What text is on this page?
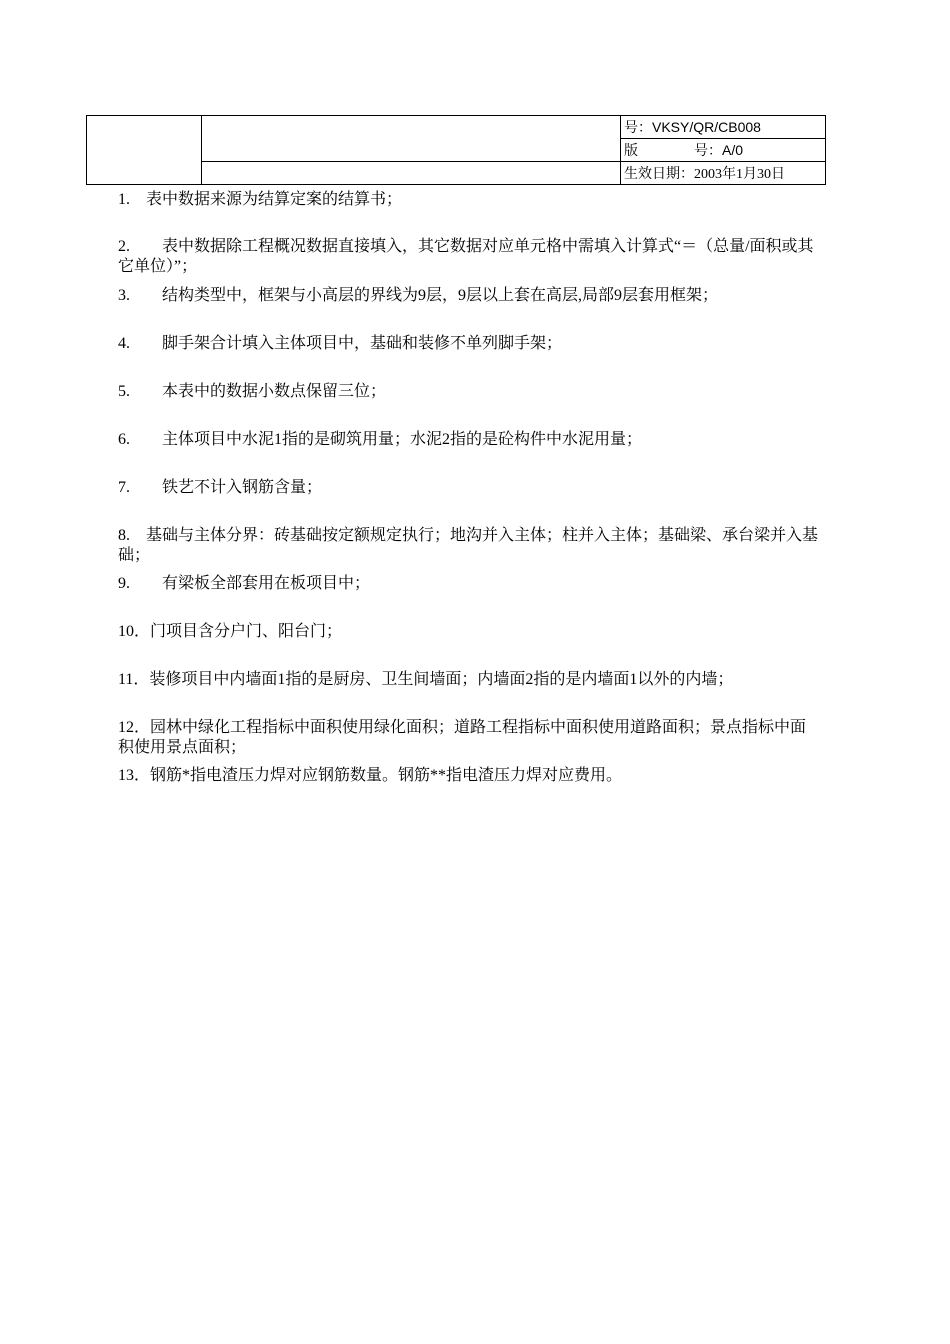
		号：VKSY/QR/CB008
		版 号：A/0
		生效日期：2003年1月30日
1.　表中数据来源为结算定案的结算书；
2.　　表中数据除工程概况数据直接填入，其它数据对应单元格中需填入计算式“＝（总量/面积或其它单位）”；
3.　　结构类型中，框架与小高层的界线为9层，9层以上套在高层,局部9层套用框架；
4.　　脚手架合计填入主体项目中，基础和装修不单列脚手架；
5.　　本表中的数据小数点保留三位；
6.　　主体项目中水泥1指的是砌筑用量；水泥2指的是砼构件中水泥用量；
7.　　铁艺不计入钢筋含量；
8.　基础与主体分界：砖基础按定额规定执行；地沟并入主体；柱并入主体；基础梁、承台梁并入基础；
9.　　有梁板全部套用在板项目中；
10．门项目含分户门、阳台门；
11．装修项目中内墙面1指的是厨房、卫生间墙面；内墙面2指的是内墙面1以外的内墙；
12．园林中绿化工程指标中面积使用绿化面积；道路工程指标中面积使用道路面积；景点指标中面积使用景点面积；
13．钢筋*指电渣压力焊对应钢筋数量。钢筋**指电渣压力焊对应费用。
